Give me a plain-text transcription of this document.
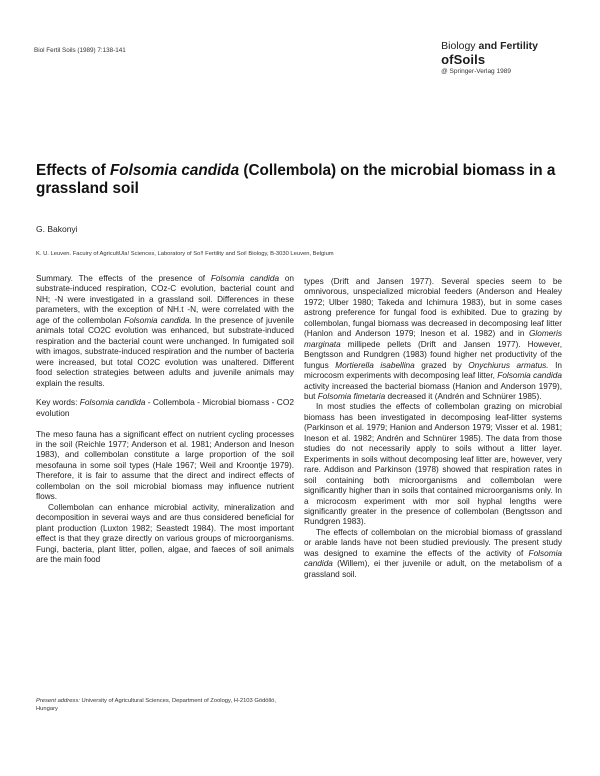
Biol Fertil Soils (1989) 7:138-141	Biology and Fertility
ofSoils
@ Springer-Verlag 1989
Effects of Folsomia candida (Collembola) on the microbial biomass in a grassland soil
G. Bakonyi
K. U. Leuven. Facuiry of AgricultUla! Sciences, Laboratory of So!! Fertility and Soi! Biology, B-3030 Leuven, Belgium

Summary. The effects of the presence of Folsomia candida on substrate-induced respiration, COz-C evolution, bacterial count and NH; -N were investigated in a grassland soil. Differences in these parameters, with the exception of NH.t -N, were correlated with the age of the collembolan Folsomia candida. In the presence of juvenile animals total CO2C evolution was enhanced, but substrate-induced respiration and the bacterial count were unchanged. In fumigated soil with imagos, substrate-induced respiration and the number of bacteria were increased, but total CO2C evolution was unaltered. Different food selection strategies between adults and juvenile animals may explain the results.

Key words: Folsomia candida - Collembola - Microbial biomass - CO2 evolution

The meso fauna has a significant effect on nutrient cycling processes in the soil (Reichle 1977; Anderson et al. 1981; Anderson and Ineson 1983), and collembolan constitute a large proportion of the soil mesofauna in some soil types (Hale 1967; Weil and Kroontje 1979). Therefore, it is fair to assume that the direct and indirect effects of collembolan on the soil microbial biomass may influence nutrient flows.

Collembolan can enhance microbial activity, mineralization and decomposition in severai ways and are thus considered beneficial for plant production (Luxton 1982; Seastedt 1984). The most important effect is that they graze directly on various groups of microorganisms. Fungi, bacteria, plant litter, pollen, algae, and faeces of soil animals are the main food

Present address: University of Agricultural Sciences, Department of Zoology, H-2103 Gödöllö, Hungary

types (Drift and Jansen 1977). Several species seem to be omnivorous, unspecialized microbial feeders (Anderson and Healey 1972; Ulber 1980; Takeda and Ichimura 1983), but in some cases astrong preference for fungal food is exhibited. Due to grazing by collembolan, fungal biomass was decreased in decomposing leaf litter (Hanlon and Anderson 1979; Ineson et al. 1982) and in Glomeris marginata millipede pellets (Drift and Jansen 1977). However, Bengtsson and Rundgren (1983) found higher net productivity of the fungus Mortierella isabellina grazed by Onychiurus armatus. In microcosm experiments with decomposing leaf litter, Folsomia candida activity increased the bacterial biomass (Hanion and Anderson 1979), but Folsomia fimetaria decreased it (Andrén and Schnürer 1985).

In most studies the effects of collembolan grazing on microbial biomass has been investigated in decomposing leaf-litter systems (Parkinson et al. 1979; Hanion and Anderson 1979; Visser et al. 1981; Ineson et al. 1982; Andrén and Schnürer 1985). The data from those studies do not necessarily apply to soils without a litter layer. Experiments in soils without decomposing leaf litter are, however, very rare. Addison and Parkinson (1978) showed that respiration rates in soil containing both microorganisms and collembolan were significantly higher than in soils that contained microorganisms only. In a microcosm experiment with mor soil hyphal lengths were significantly greater in the presence of collembolan (Bengtsson and Rundgren 1983).

The effects of collembolan on the microbial biomass of grassland or arable lands have not been studied previously. The present study was designed to examine the effects of the activity of Folsomia candida (Willem), ei ther juvenile or adult, on the metabolism of a grassland soil.
